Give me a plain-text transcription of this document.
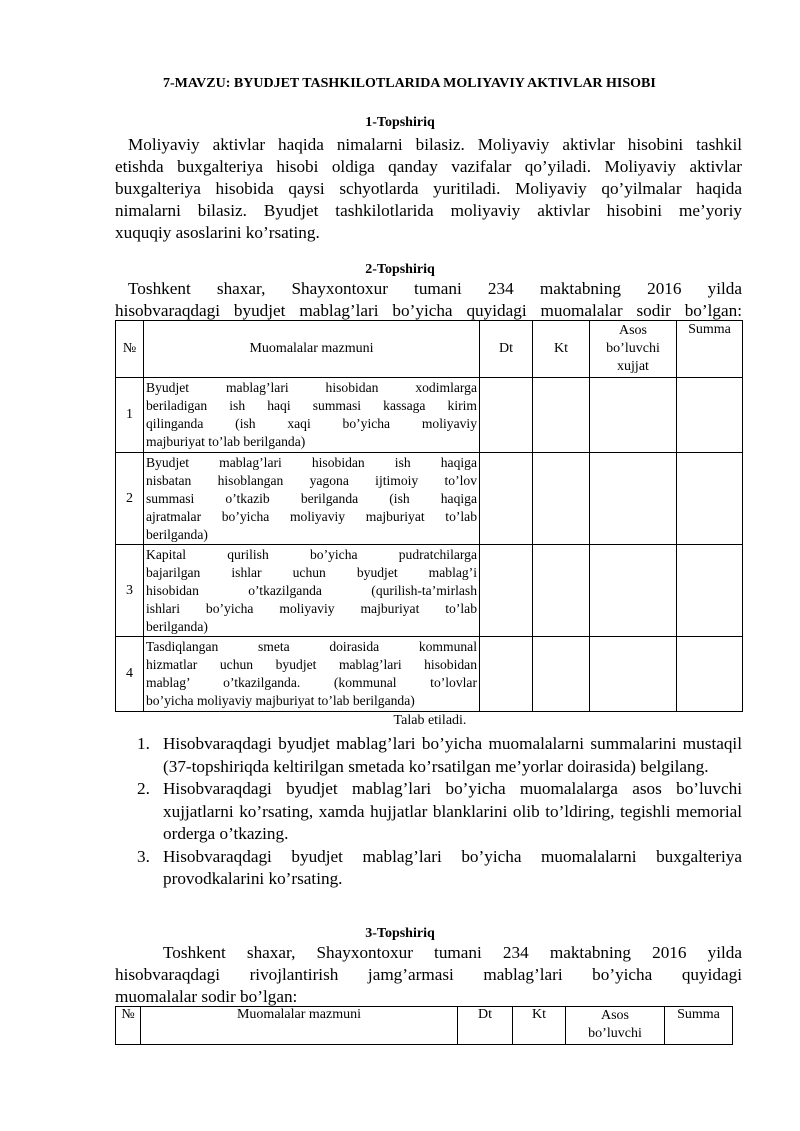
7-MAVZU: BYUDJET TASHKILOTLARIDA MOLIYAVIY AKTIVLAR HISOBI
1-Topshiriq
Moliyaviy aktivlar haqida nimalarni bilasiz. Moliyaviy aktivlar hisobini tashkil
etishda buxgalteriya hisobi oldiga qanday vazifalar qo’yiladi. Moliyaviy aktivlar
buxgalteriya hisobida qaysi schyotlarda yuritiladi. Moliyaviy qo’yilmalar haqida
nimalarni bilasiz. Byudjet tashkilotlarida moliyaviy aktivlar hisobini me’yoriy
xuquqiy asoslarini ko’rsating.
2-Topshiriq
Toshkent shaxar, Shayxontoxur tumani 234 maktabning 2016 yilda
hisobvaraqdagi byudjet mablag’lari bo’yicha quyidagi muomalalar sodir bo’lgan:
№	Muomalalar mazmuni	Dt	Kt	Asos bo’luvchi xujjat	Summa
1	Byudjet mablag’lari hisobidan xodimlarga
beriladigan ish haqi summasi kassaga kirim
qilinganda (ish xaqi bo’yicha moliyaviy
majburiyat to’lab berilganda)				

2	Byudjet mablag’lari hisobidan ish haqiga
nisbatan hisoblangan yagona ijtimoiy to’lov
summasi o’tkazib berilganda (ish haqiga
ajratmalar bo’yicha moliyaviy majburiyat to’lab
berilganda)				

3	Kapital qurilish bo’yicha pudratchilarga
bajarilgan ishlar uchun byudjet mablag’i
hisobidan o’tkazilganda (qurilish-ta’mirlash
ishlari bo’yicha moliyaviy majburiyat to’lab
berilganda)				

4	Tasdiqlangan smeta doirasida kommunal
hizmatlar uchun byudjet mablag’lari hisobidan
mablag’ o’tkazilganda. (kommunal to’lovlar
bo’yicha moliyaviy majburiyat to’lab berilganda)				

Talab etiladi.
1. Hisobvaraqdagi byudjet mablag’lari bo’yicha muomalalarni summalarini mustaqil (37-topshiriqda keltirilgan smetada ko’rsatilgan me’yorlar doirasida) belgilang.
2. Hisobvaraqdagi byudjet mablag’lari bo’yicha muomalalarga asos bo’luvchi xujjatlarni ko’rsating, xamda hujjatlar blanklarini olib to’ldiring, tegishli memorial orderga o’tkazing.
3. Hisobvaraqdagi byudjet mablag’lari bo’yicha muomalalarni buxgalteriya provodkalarini ko’rsating.
3-Topshiriq
Toshkent shaxar, Shayxontoxur tumani 234 maktabning 2016 yilda
hisobvaraqdagi rivojlantirish jamg’armasi mablag’lari bo’yicha quyidagi
muomalalar sodir bo’lgan:
№	Muomalalar mazmuni	Dt	Kt	Asos bo’luvchi	Summa
